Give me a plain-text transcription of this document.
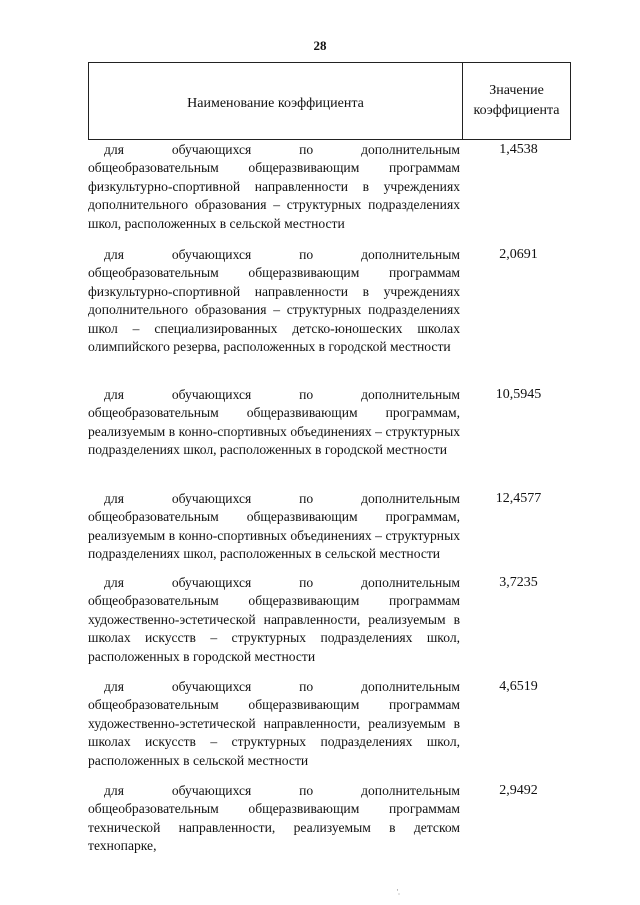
28
Наименование коэффициента
Значение
коэффициента

для обучающихся по дополнительным общеобразовательным общеразвивающим программам физкультурно-спортивной направленности в учреждениях дополнительного образования – структурных подразделениях школ, расположенных в сельской местности

1,4538

для обучающихся по дополнительным общеобразовательным общеразвивающим программам физкультурно-спортивной направленности в учреждениях дополнительного образования – структурных подразделениях школ – специализированных детско-юношеских школах олимпийского резерва, расположенных в городской местности

2,0691

для обучающихся по дополнительным общеобразовательным общеразвивающим программам, реализуемым в конно-спортивных объединениях – структурных подразделениях школ, расположенных в городской местности

10,5945

для обучающихся по дополнительным общеобразовательным общеразвивающим программам, реализуемым в конно-спортивных объединениях – структурных подразделениях школ, расположенных в сельской местности

12,4577

для обучающихся по дополнительным общеобразовательным общеразвивающим программам художественно-эстетической направленности, реализуемым в школах искусств – структурных подразделениях школ, расположенных в городской местности

3,7235

для обучающихся по дополнительным общеобразовательным общеразвивающим программам художественно-эстетической направленности, реализуемым в школах искусств – структурных подразделениях школ, расположенных в сельской местности

4,6519

для обучающихся по дополнительным общеобразовательным общеразвивающим программам технической направленности, реализуемым в детском технопарке,

2,9492
·̣
